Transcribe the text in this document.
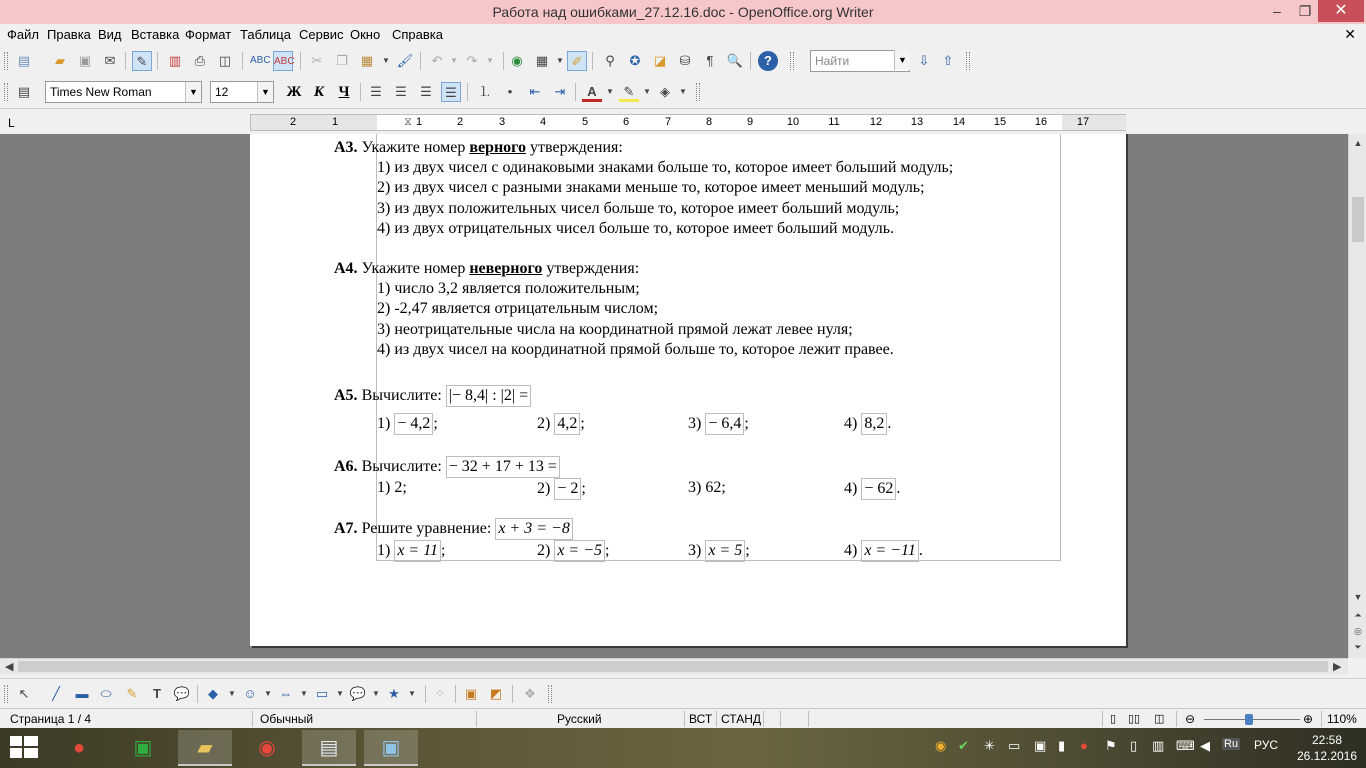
Работа над ошибками_27.12.16.doc - OpenOffice.org Writer	‒	❐	✕
Файл Правка Вид Вставка Формат Таблица Сервис Окно Справка	✕
▤	▰	▣	✉	✎	▥	⎙	◫	ABC ABC	✂	❐	▦	▼ 🖌	↶ ▼ ↷	▼	◉	▦ ▼ ✐	⚲	✪	◪	⛁	¶	🔍	?	Найти	▼ ⇩	⇧
▤	Times New Roman	▼	12	▼ Ж К Ч	☰	☰	☰	☰	⒈	•	⇤	⇥	A	▼ ✎	▼ ◈	▼
L	2	1	⧖ 1	2	3	4	5	6	7	8	9	10	11	12	13	14	15	16	17

А3. Укажите номер верного утверждения:

1) из двух чисел с одинаковыми знаками больше то, которое имеет больший модуль;

2) из двух чисел с разными знаками меньше то, которое имеет меньший модуль;

3) из двух положительных чисел больше то, которое имеет больший модуль;

4) из двух отрицательных чисел больше то, которое имеет больший модуль.

А4. Укажите номер неверного утверждения:

1) число 3,2 является положительным;

2) -2,47 является отрицательным числом;

3) неотрицательные числа на координатной прямой лежат левее нуля;

4) из двух чисел на координатной прямой больше то, которое лежит правее.

А5. Вычислите: |− 8,4| : |2| =

1) − 4,2 ;	2) 4,2 ;	3) − 6,4 ;	4) 8,2 .

А6. Вычислите: − 32 + 17 + 13 =

1) 2;	2) − 2 ;	3) 62;	4) − 62 .

А7. Решите уравнение: x + 3 = −8

1) x = 11 ;	2) x = −5 ;	3) x = 5 ;	4) x = −11 .
▲
▼
⏶
◎
⏷
◀	▶
↖	╱	▬ ⬭	✎	T 💬	◆	▼ ☺ ▼ ⇔ ▼ ▭ ▼ 💬 ▼ ★	▼	⁘	▣ ◩	❖
Страница 1 / 4	Обычный	Русский	ВСТ СТАНД	▯ ▯▯ ◫ ⊖	⊕ 110%
●	▣	▰	◉	▤	▣	◉ ✔ ✳ ▭ ▣ ▮ ● ⚑ ▯ ▥ ⌨ ◀ Ru РУС	22:58
26.12.2016
